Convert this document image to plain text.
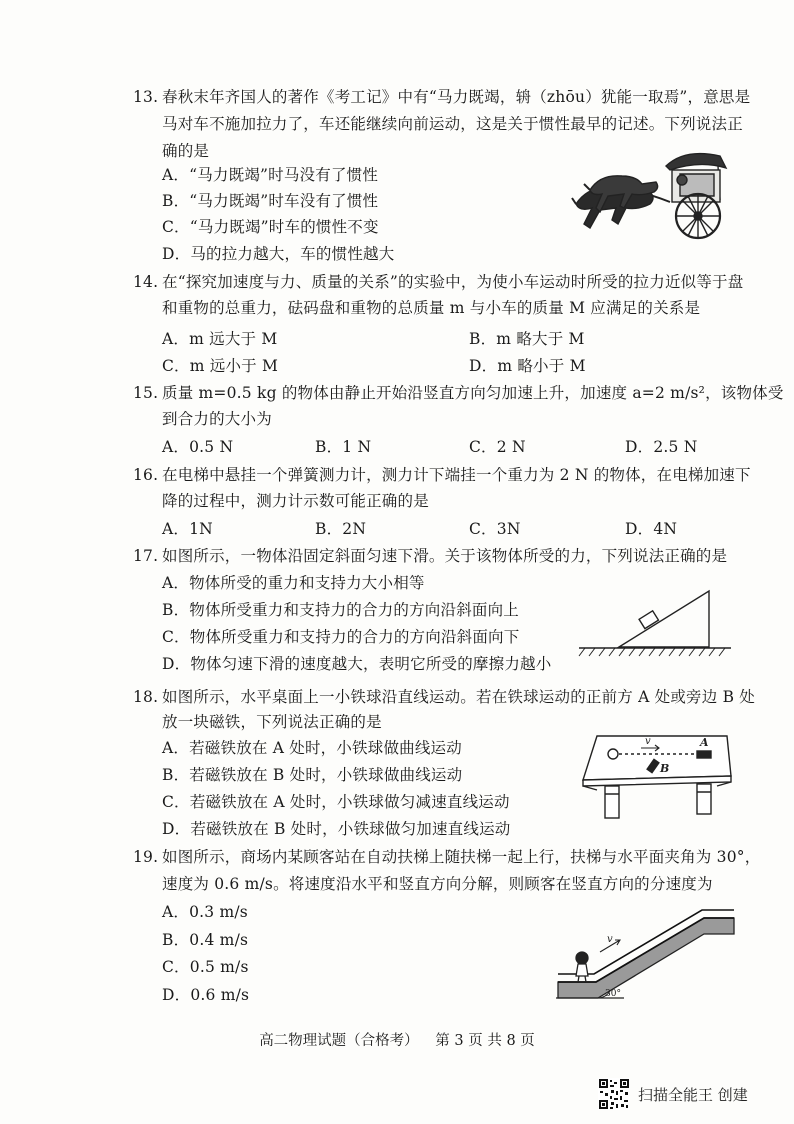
13. 春秋末年齐国人的著作《考工记》中有“马力既竭，辀（zhōu）犹能一取焉”，意思是
马对车不施加拉力了，车还能继续向前运动，这是关于惯性最早的记述。下列说法正
确的是
A．“马力既竭”时马没有了惯性
B．“马力既竭”时车没有了惯性
C．“马力既竭”时车的惯性不变
D．马的拉力越大，车的惯性越大
14. 在“探究加速度与力、质量的关系”的实验中，为使小车运动时所受的拉力近似等于盘
和重物的总重力，砝码盘和重物的总质量 m 与小车的质量 M 应满足的关系是
A．m 远大于 M	B．m 略大于 M
C．m 远小于 M	D．m 略小于 M
15. 质量 m=0.5 kg 的物体由静止开始沿竖直方向匀加速上升，加速度 a=2 m/s²，该物体受
到合力的大小为
A．0.5 N	B．1 N	C．2 N	D．2.5 N
16. 在电梯中悬挂一个弹簧测力计，测力计下端挂一个重力为 2 N 的物体，在电梯加速下
降的过程中，测力计示数可能正确的是
A．1N	B．2N	C．3N	D．4N
17. 如图所示，一物体沿固定斜面匀速下滑。关于该物体所受的力，下列说法正确的是
A．物体所受的重力和支持力大小相等
B．物体所受重力和支持力的合力的方向沿斜面向上
C．物体所受重力和支持力的合力的方向沿斜面向下
D．物体匀速下滑的速度越大，表明它所受的摩擦力越小
18. 如图所示，水平桌面上一小铁球沿直线运动。若在铁球运动的正前方 A 处或旁边 B 处
放一块磁铁，下列说法正确的是
A．若磁铁放在 A 处时，小铁球做曲线运动
B．若磁铁放在 B 处时，小铁球做曲线运动
C．若磁铁放在 A 处时，小铁球做匀减速直线运动
D．若磁铁放在 B 处时，小铁球做匀加速直线运动
v	A
B
19. 如图所示，商场内某顾客站在自动扶梯上随扶梯一起上行，扶梯与水平面夹角为 30°，
速度为 0.6 m/s。将速度沿水平和竖直方向分解，则顾客在竖直方向的分速度为
A．0.3 m/s
B．0.4 m/s
C．0.5 m/s
D．0.6 m/s
v
30°
高二物理试题（合格考） 第 3 页 共 8 页
扫描全能王 创建
